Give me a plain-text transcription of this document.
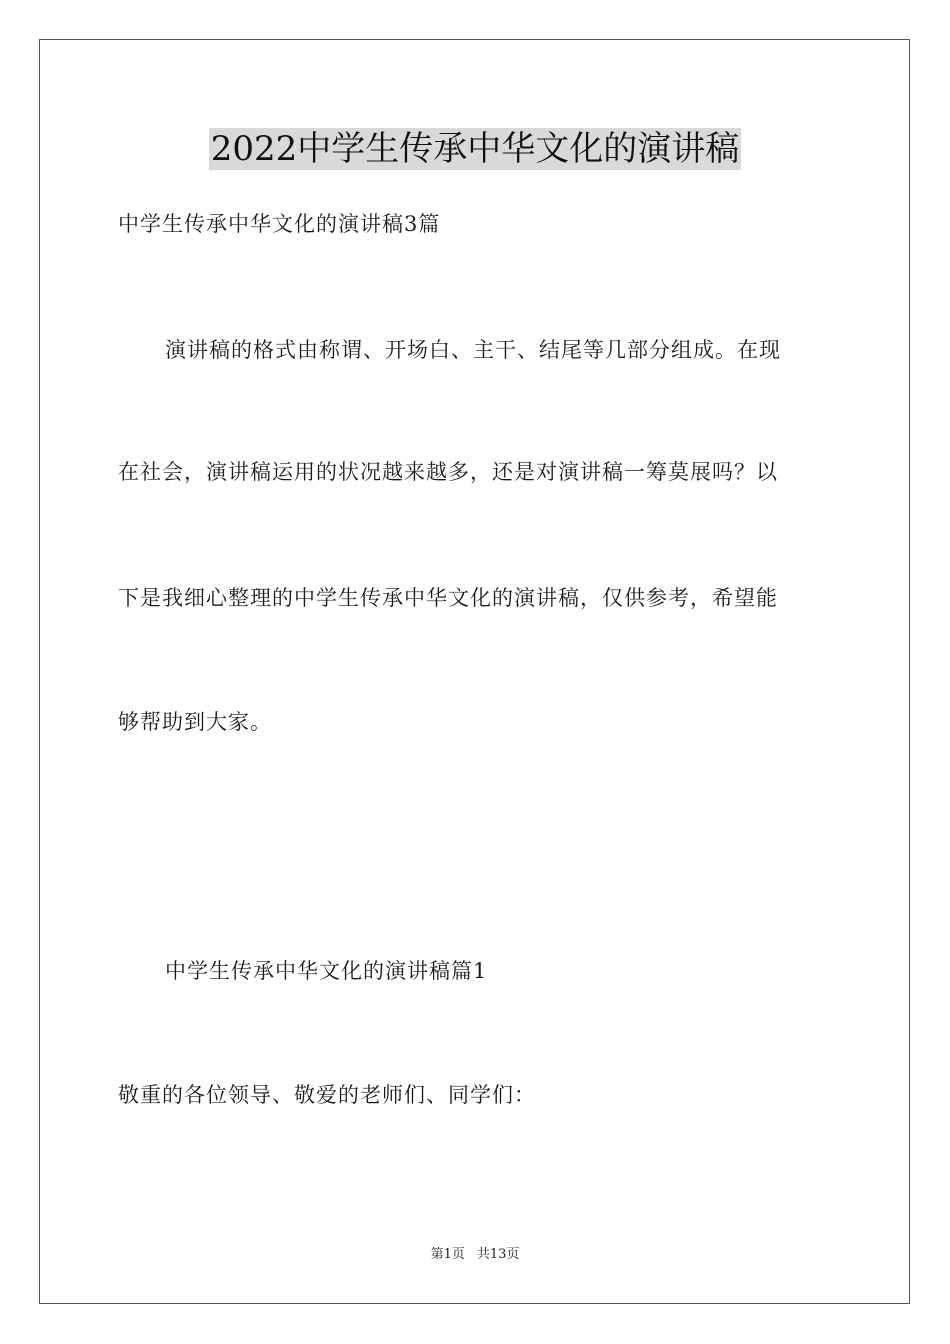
2022中学生传承中华文化的演讲稿
中学生传承中华文化的演讲稿3篇
演讲稿的格式由称谓、开场白、主干、结尾等几部分组成。在现
在社会，演讲稿运用的状况越来越多，还是对演讲稿一筹莫展吗？以
下是我细心整理的中学生传承中华文化的演讲稿，仅供参考，希望能
够帮助到大家。
中学生传承中华文化的演讲稿篇1
敬重的各位领导、敬爱的老师们、同学们：
第1页 共13页
